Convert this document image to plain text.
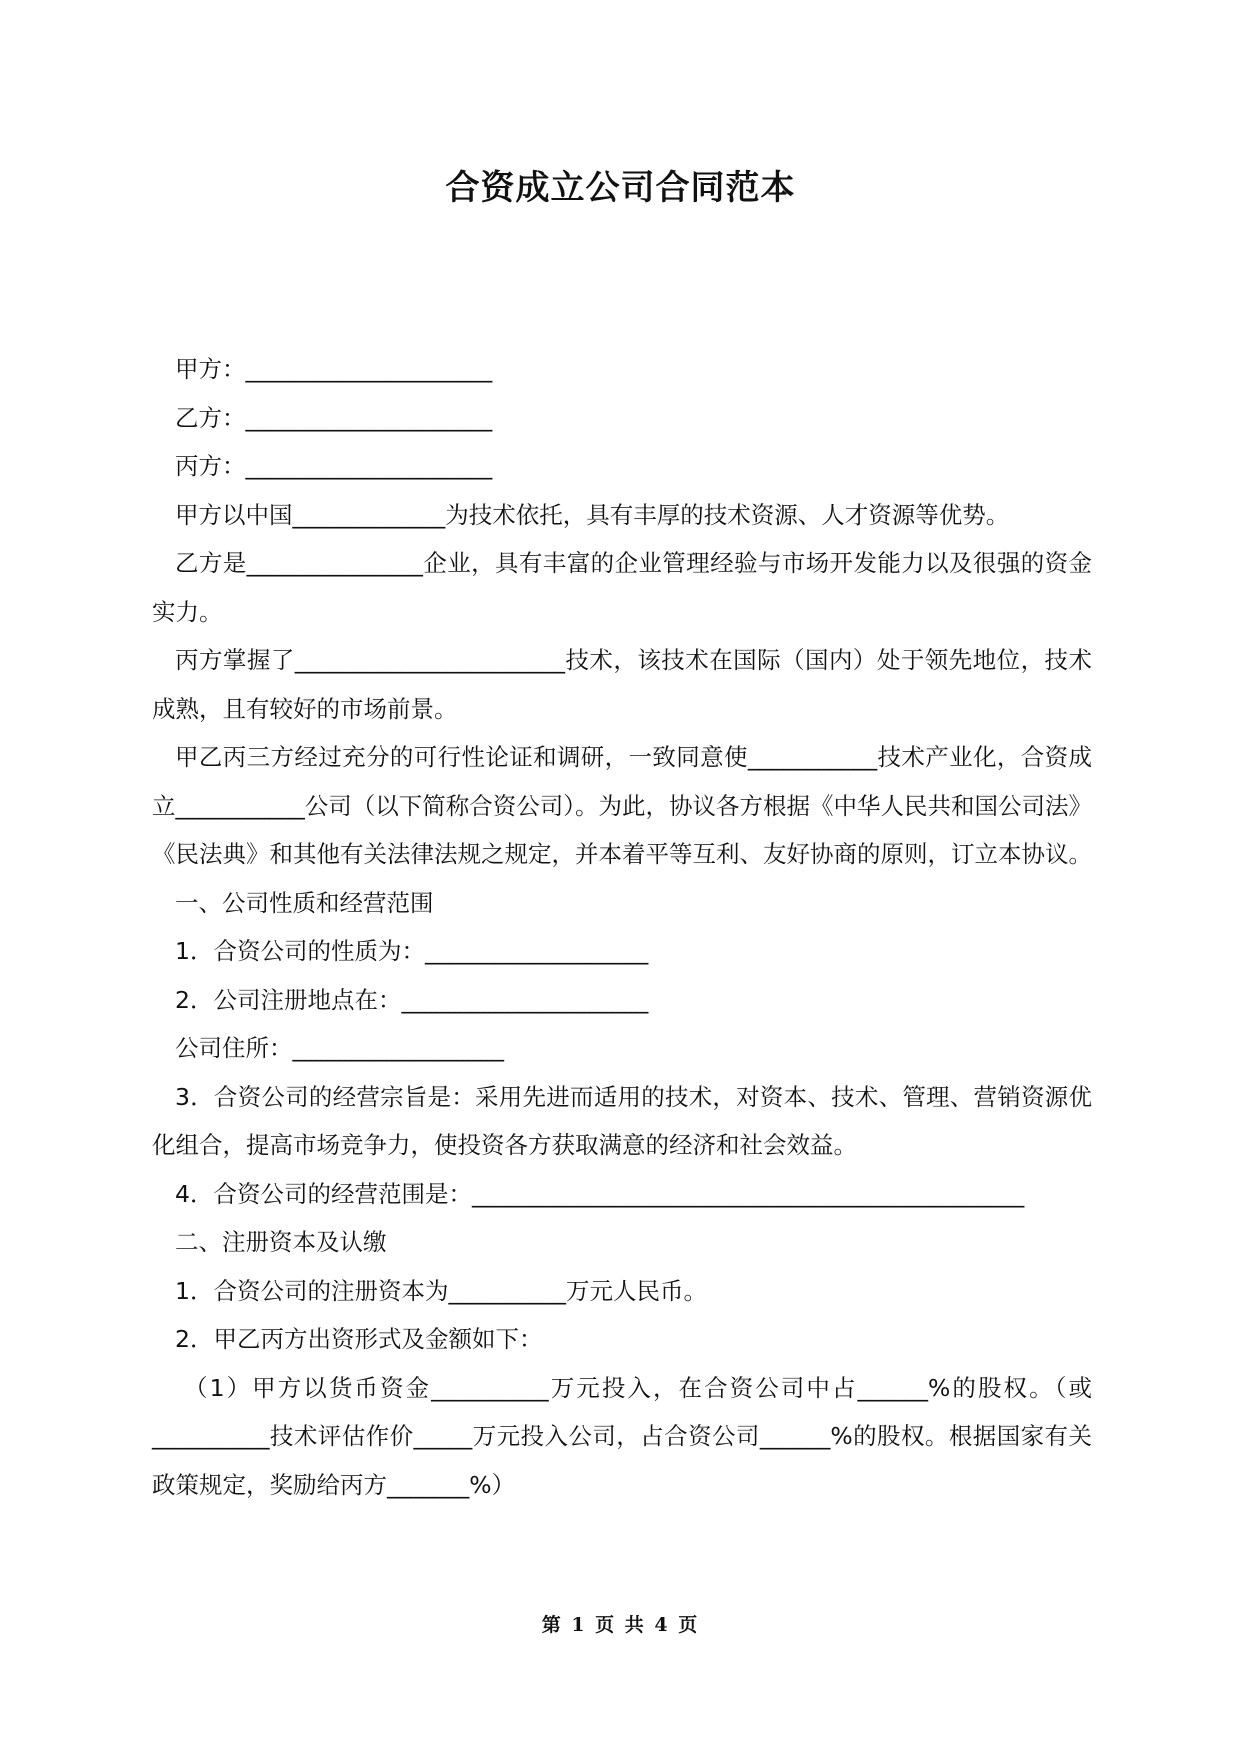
合资成立公司合同范本

甲方：_____________________

乙方：_____________________

丙方：_____________________

甲方以中国_____________为技术依托，具有丰厚的技术资源、人才资源等优势。

乙方是_______________企业，具有丰富的企业管理经验与市场开发能力以及很强的资金实力。

丙方掌握了_______________________技术，该技术在国际（国内）处于领先地位，技术成熟，且有较好的市场前景。

甲乙丙三方经过充分的可行性论证和调研，一致同意使___________技术产业化，合资成立___________公司（以下简称合资公司）。为此，协议各方根据《中华人民共和国公司法》《民法典》和其他有关法律法规之规定，并本着平等互利、友好协商的原则，订立本协议。

一、公司性质和经营范围

1．合资公司的性质为：___________________

2．公司注册地点在：_____________________

公司住所：__________________

3．合资公司的经营宗旨是：采用先进而适用的技术，对资本、技术、管理、营销资源优化组合，提高市场竞争力，使投资各方获取满意的经济和社会效益。

4．合资公司的经营范围是：_______________________________________________

二、注册资本及认缴

1．合资公司的注册资本为__________万元人民币。

2．甲乙丙方出资形式及金额如下：

（1）甲方以货币资金__________万元投入，在合资公司中占______%的股权。（或__________技术评估作价_____万元投入公司，占合资公司______%的股权。根据国家有关政策规定，奖励给丙方_______%）

第 1 页 共 4 页
